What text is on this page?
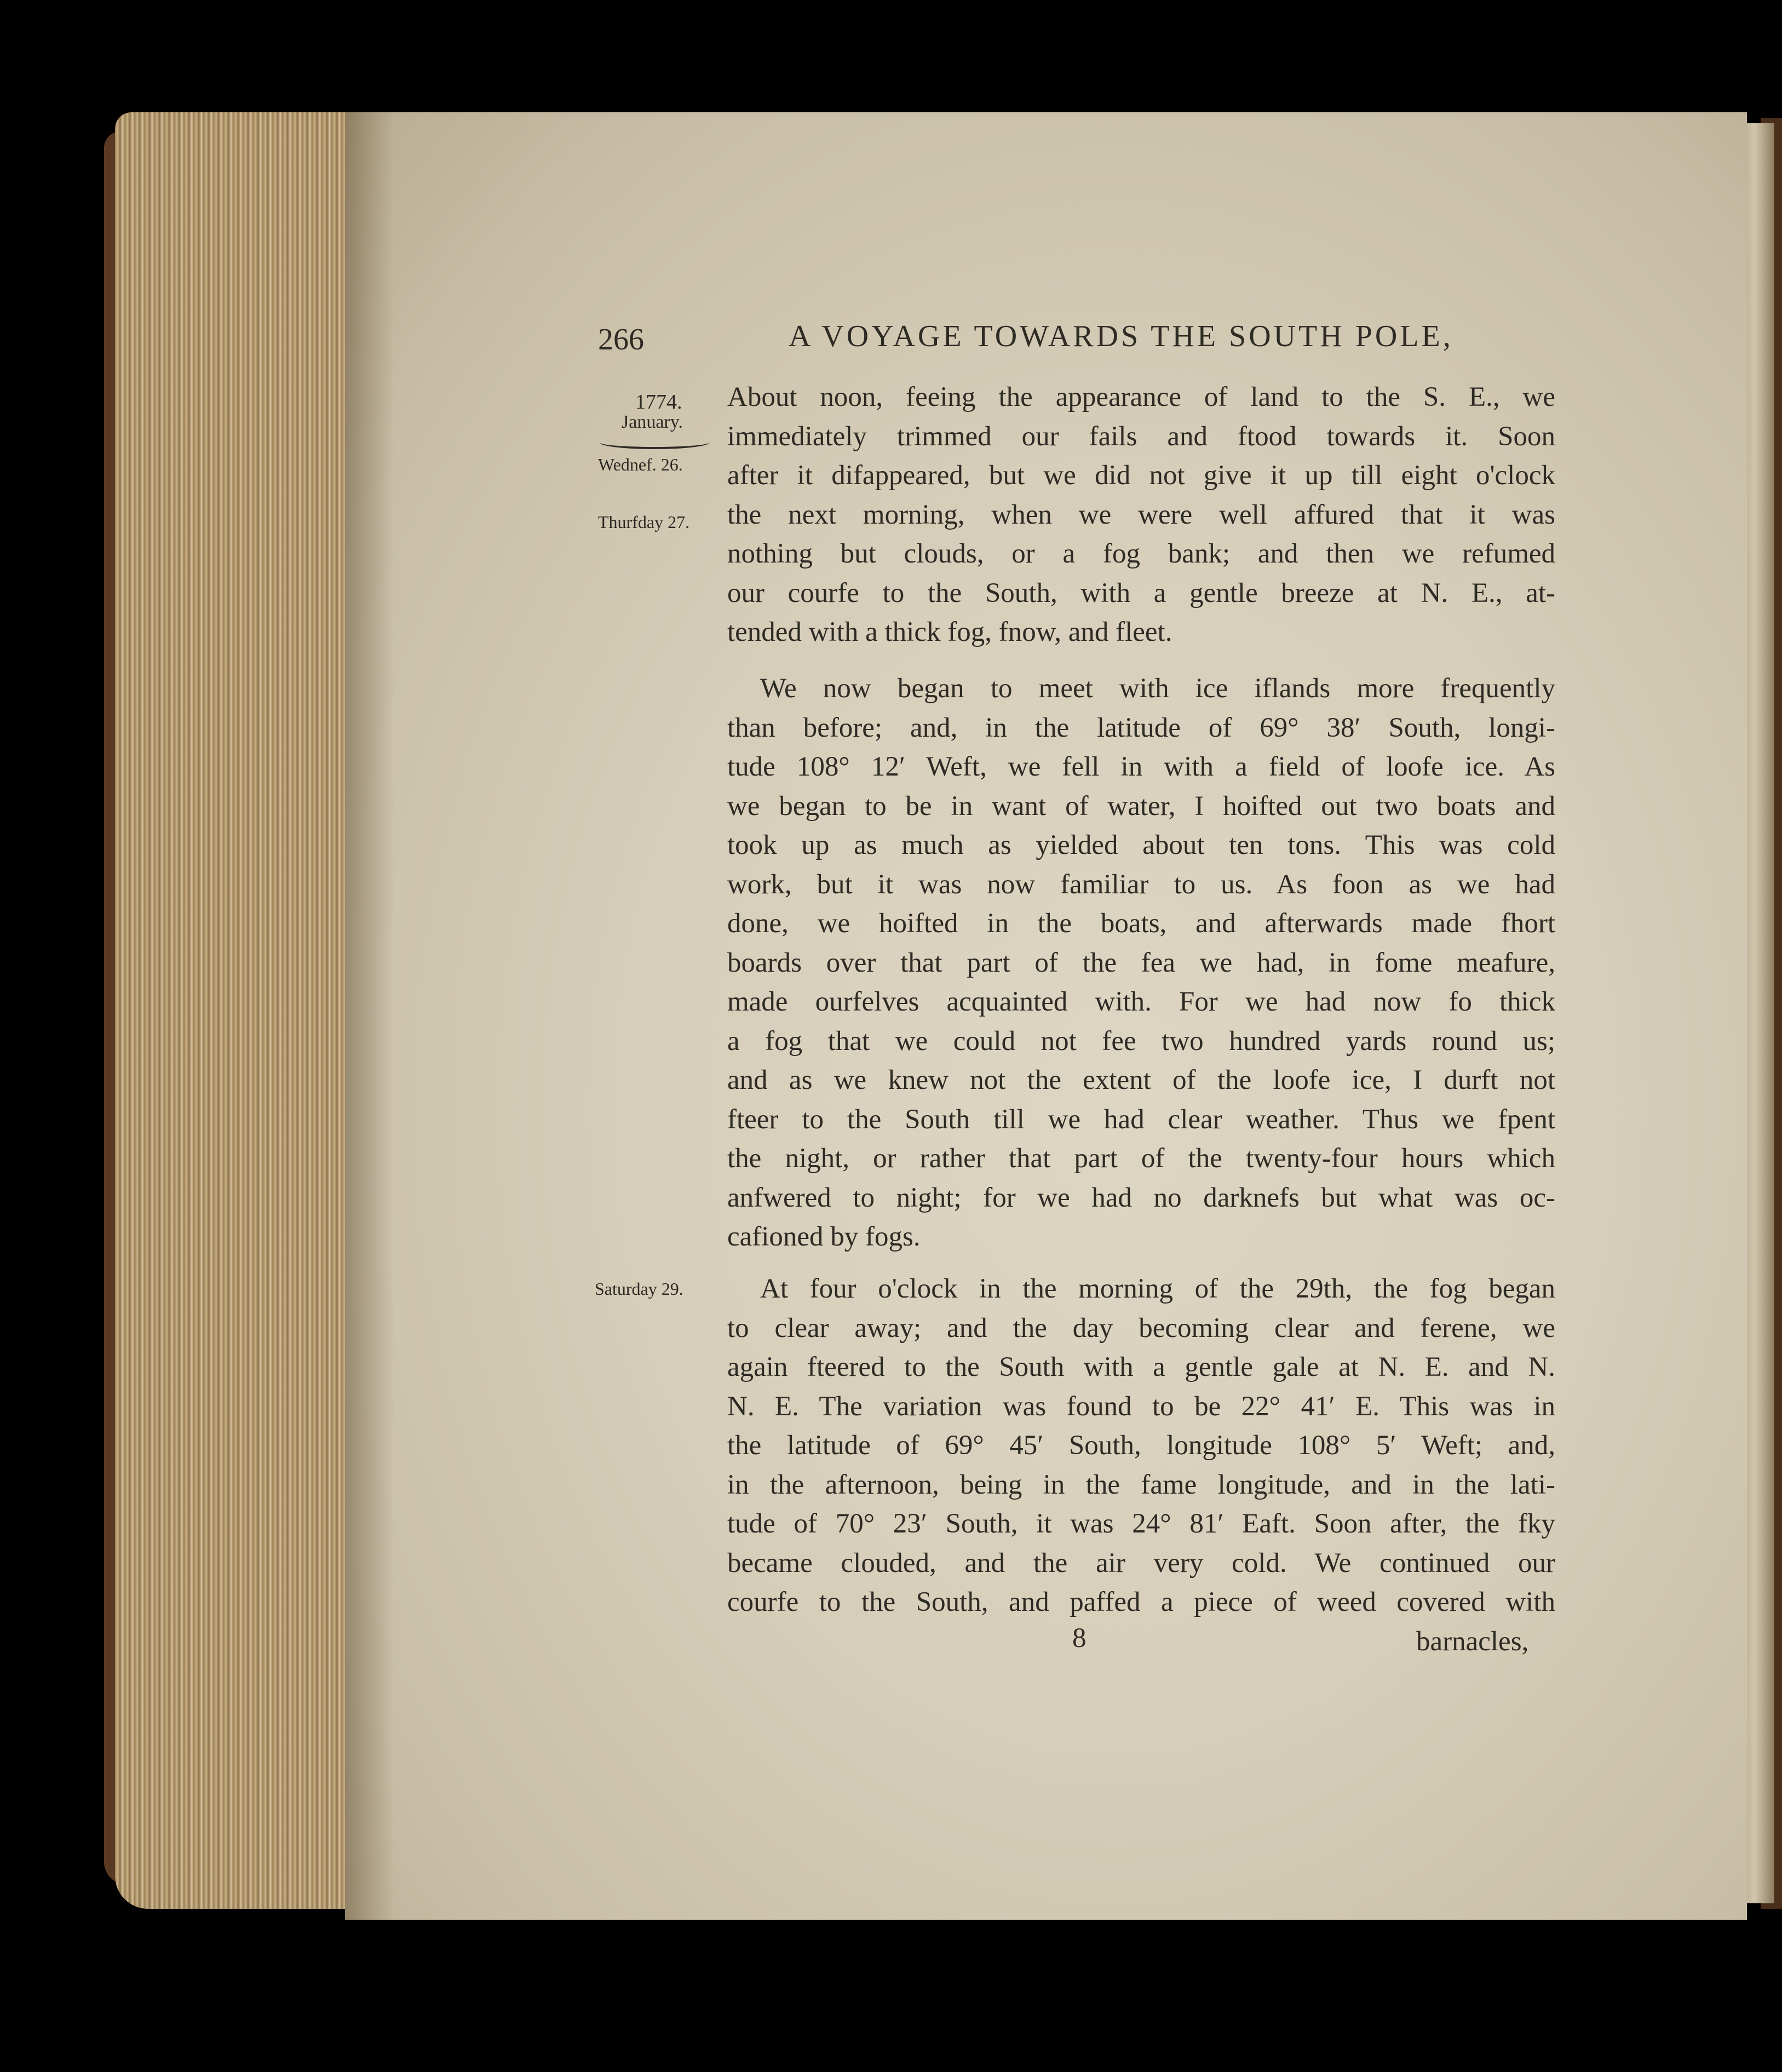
266	A VOYAGE TOWARDS THE SOUTH POLE,
1774.
January.
Wednef. 26.
Thurfday 27.
Saturday 29.
About noon, feeing the appearance of land to the S. E., we
immediately trimmed our fails and ftood towards it. Soon
after it difappeared, but we did not give it up till eight o'clock
the next morning, when we were well affured that it was
nothing but clouds, or a fog bank; and then we refumed
our courfe to the South, with a gentle breeze at N. E., at-
tended with a thick fog, fnow, and fleet.
We now began to meet with ice iflands more frequently
than before; and, in the latitude of 69° 38′ South, longi-
tude 108° 12′ Weft, we fell in with a field of loofe ice. As
we began to be in want of water, I hoifted out two boats and
took up as much as yielded about ten tons. This was cold
work, but it was now familiar to us. As foon as we had
done, we hoifted in the boats, and afterwards made fhort
boards over that part of the fea we had, in fome meafure,
made ourfelves acquainted with. For we had now fo thick
a fog that we could not fee two hundred yards round us;
and as we knew not the extent of the loofe ice, I durft not
fteer to the South till we had clear weather. Thus we fpent
the night, or rather that part of the twenty-four hours which
anfwered to night; for we had no darknefs but what was oc-
cafioned by fogs.
At four o'clock in the morning of the 29th, the fog began
to clear away; and the day becoming clear and ferene, we
again fteered to the South with a gentle gale at N. E. and N.
N. E. The variation was found to be 22° 41′ E. This was in
the latitude of 69° 45′ South, longitude 108° 5′ Weft; and,
in the afternoon, being in the fame longitude, and in the lati-
tude of 70° 23′ South, it was 24° 81′ Eaft. Soon after, the fky
became clouded, and the air very cold. We continued our
courfe to the South, and paffed a piece of weed covered with
8	barnacles,
